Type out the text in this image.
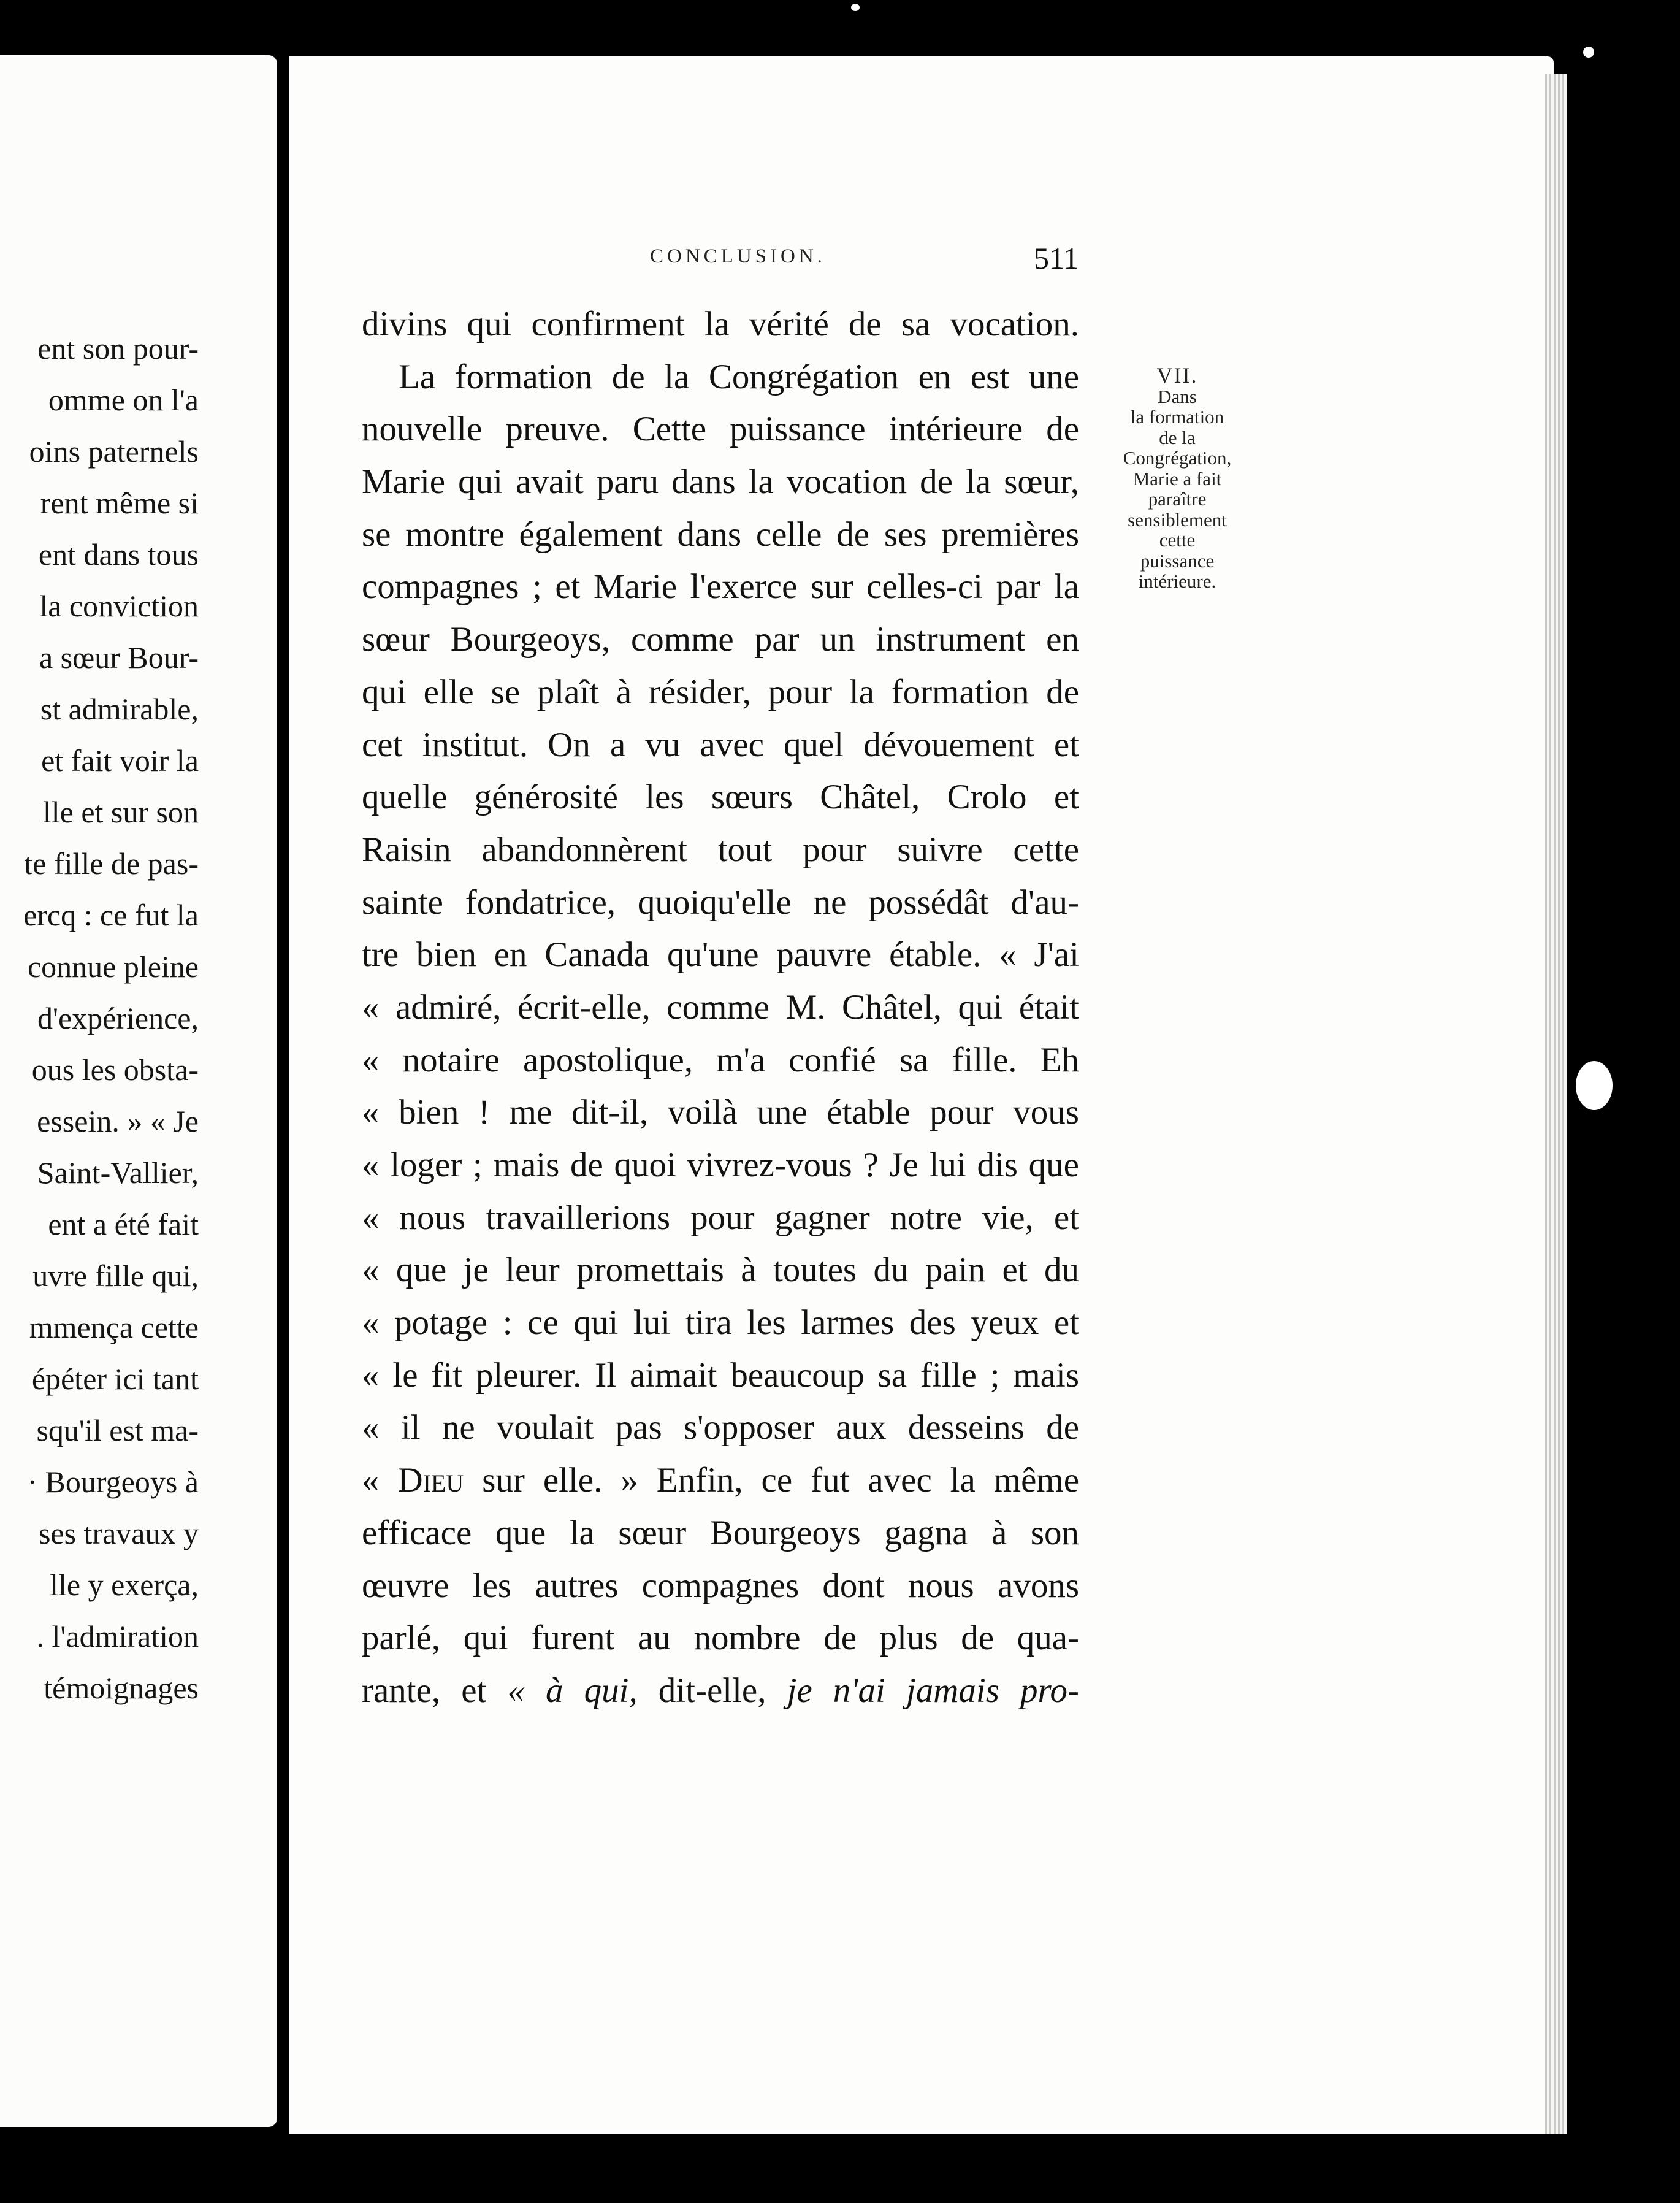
ent son pour-
omme on l'a
oins paternels
rent même si
ent dans tous
la conviction
a sœur Bour-
st admirable,
et fait voir la
lle et sur son
te fille de pas-
ercq : ce fut la
connue pleine
d'expérience,
ous les obsta-
essein. » « Je
Saint-Vallier,
ent a été fait
uvre fille qui,
mmença cette
épéter ici tant
squ'il est ma-
· Bourgeoys à
ses travaux y
lle y exerça,
. l'admiration
témoignages
CONCLUSION.	511
divins qui confirment la vérité de sa vocation.
La formation de la Congrégation en est une
nouvelle preuve. Cette puissance intérieure de
Marie qui avait paru dans la vocation de la sœur,
se montre également dans celle de ses premières
compagnes ; et Marie l'exerce sur celles-ci par la
sœur Bourgeoys, comme par un instrument en
qui elle se plaît à résider, pour la formation de
cet institut. On a vu avec quel dévouement et
quelle générosité les sœurs Châtel, Crolo et
Raisin abandonnèrent tout pour suivre cette
sainte fondatrice, quoiqu'elle ne possédât d'au-
tre bien en Canada qu'une pauvre étable. « J'ai
« admiré, écrit-elle, comme M. Châtel, qui était
« notaire apostolique, m'a confié sa fille. Eh
« bien ! me dit-il, voilà une étable pour vous
« loger ; mais de quoi vivrez-vous ? Je lui dis que
« nous travaillerions pour gagner notre vie, et
« que je leur promettais à toutes du pain et du
« potage : ce qui lui tira les larmes des yeux et
« le fit pleurer. Il aimait beaucoup sa fille ; mais
« il ne voulait pas s'opposer aux desseins de
« Dieu sur elle. » Enfin, ce fut avec la même
efficace que la sœur Bourgeoys gagna à son
œuvre les autres compagnes dont nous avons
parlé, qui furent au nombre de plus de qua-
rante, et « à qui, dit-elle, je n'ai jamais pro-
VII.
Dans
la formation
de la
Congrégation,
Marie a fait
paraître
sensiblement
cette
puissance
intérieure.
